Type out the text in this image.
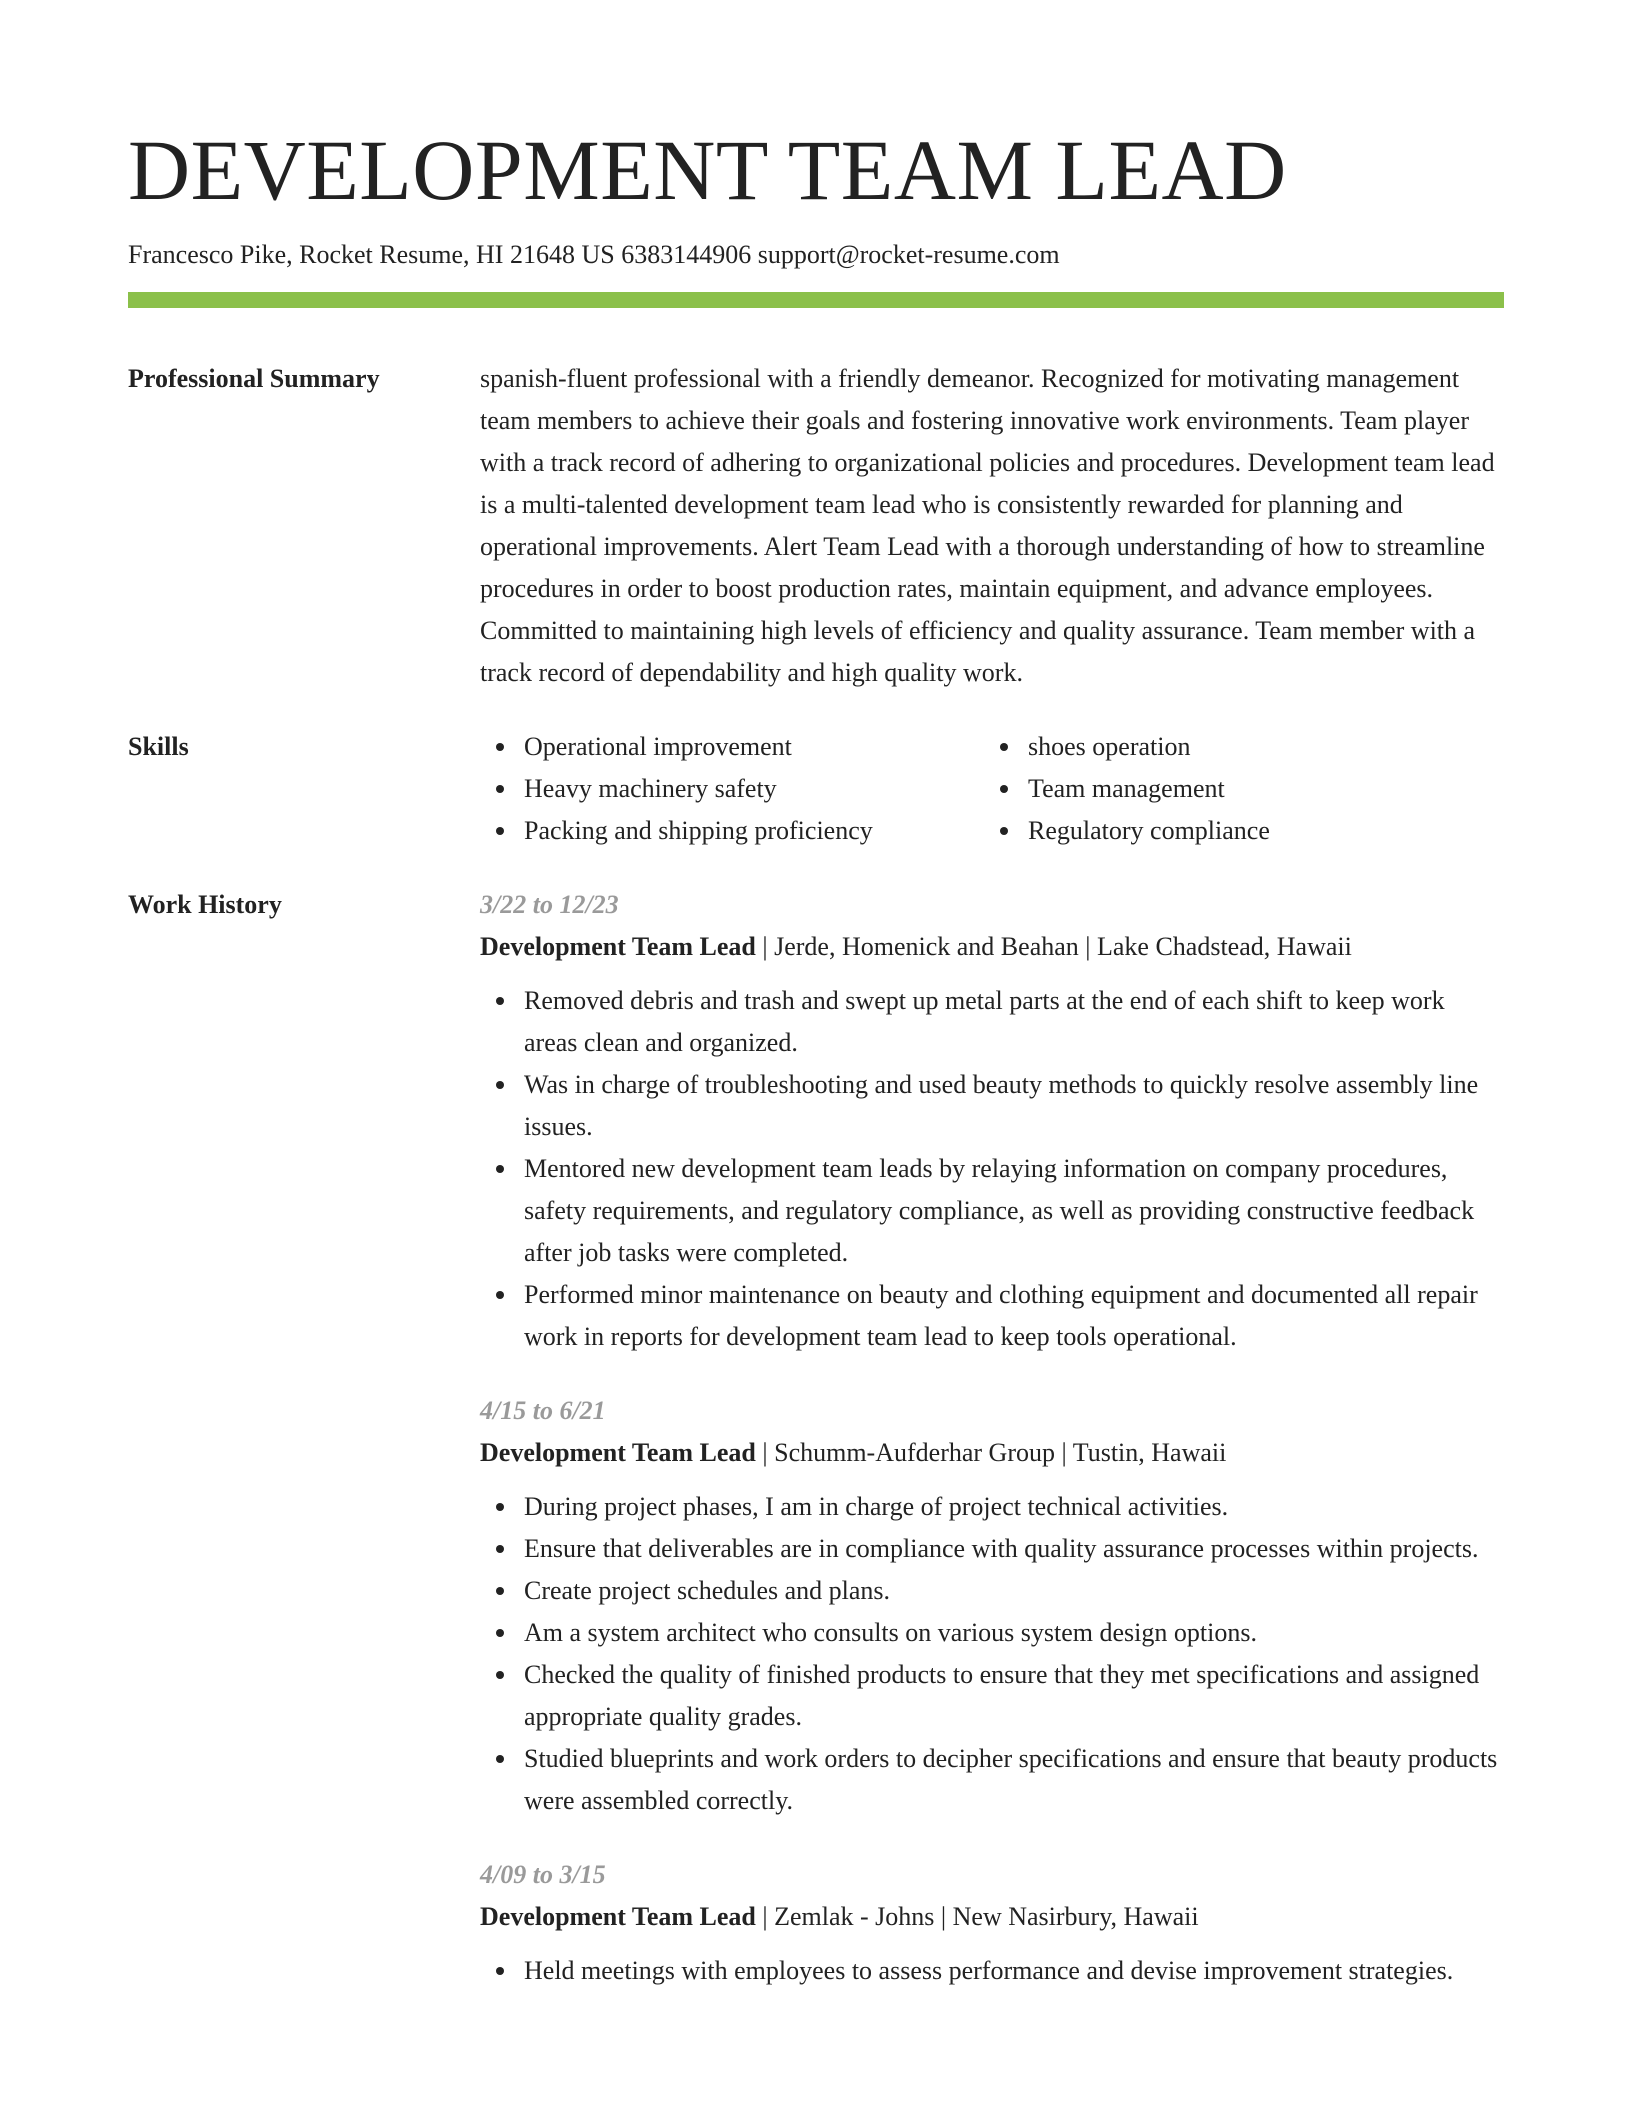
DEVELOPMENT TEAM LEAD
Francesco Pike, Rocket Resume, HI 21648 US 6383144906 support@rocket-resume.com
Professional Summary	spanish-fluent professional with a friendly demeanor. Recognized for motivating management team members to achieve their goals and fostering innovative work environments. Team player with a track record of adhering to organizational policies and procedures. Development team lead is a multi-talented development team lead who is consistently rewarded for planning and operational improvements. Alert Team Lead with a thorough understanding of how to streamline procedures in order to boost production rates, maintain equipment, and advance employees. Committed to maintaining high levels of efficiency and quality assurance. Team member with a track record of dependability and high quality work.

Skills	Operational improvement
Heavy machinery safety
Packing and shipping proficiency
shoes operation
Team management
Regulatory compliance
Work History	3/22 to 12/23
Development Team Lead | Jerde, Homenick and Beahan | Lake Chadstead, Hawaii
Removed debris and trash and swept up metal parts at the end of each shift to keep work areas clean and organized.
Was in charge of troubleshooting and used beauty methods to quickly resolve assembly line issues.
Mentored new development team leads by relaying information on company procedures, safety requirements, and regulatory compliance, as well as providing constructive feedback after job tasks were completed.
Performed minor maintenance on beauty and clothing equipment and documented all repair work in reports for development team lead to keep tools operational.
4/15 to 6/21
Development Team Lead | Schumm-Aufderhar Group | Tustin, Hawaii
During project phases, I am in charge of project technical activities.
Ensure that deliverables are in compliance with quality assurance processes within projects.
Create project schedules and plans.
Am a system architect who consults on various system design options.
Checked the quality of finished products to ensure that they met specifications and assigned appropriate quality grades.
Studied blueprints and work orders to decipher specifications and ensure that beauty products were assembled correctly.
4/09 to 3/15
Development Team Lead | Zemlak - Johns | New Nasirbury, Hawaii
Held meetings with employees to assess performance and devise improvement strategies.
